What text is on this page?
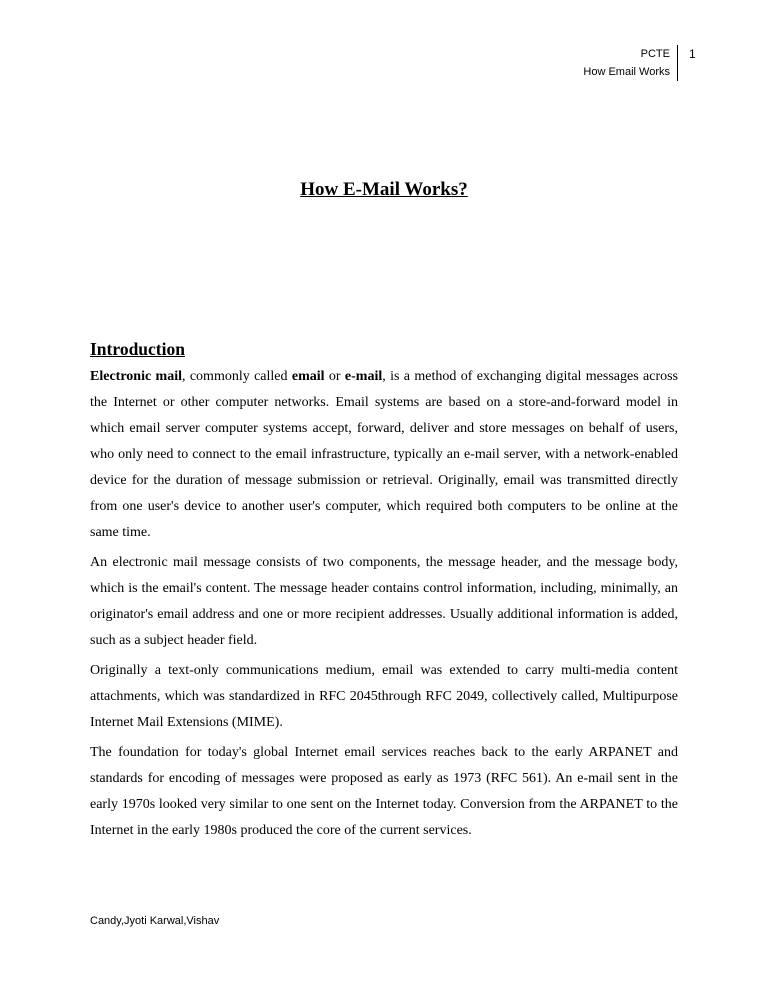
PCTE
How Email Works
1
How E-Mail Works?
Introduction

Electronic mail, commonly called email or e-mail, is a method of exchanging digital messages across the Internet or other computer networks. Email systems are based on a store-and-forward model in which email server computer systems accept, forward, deliver and store messages on behalf of users, who only need to connect to the email infrastructure, typically an e-mail server, with a network-enabled device for the duration of message submission or retrieval. Originally, email was transmitted directly from one user's device to another user's computer, which required both computers to be online at the same time.

An electronic mail message consists of two components, the message header, and the message body, which is the email's content. The message header contains control information, including, minimally, an originator's email address and one or more recipient addresses. Usually additional information is added, such as a subject header field.

Originally a text-only communications medium, email was extended to carry multi-media content attachments, which was standardized in RFC 2045through RFC 2049, collectively called, Multipurpose Internet Mail Extensions (MIME).

The foundation for today's global Internet email services reaches back to the early ARPANET and standards for encoding of messages were proposed as early as 1973 (RFC 561). An e-mail sent in the early 1970s looked very similar to one sent on the Internet today. Conversion from the ARPANET to the Internet in the early 1980s produced the core of the current services.

Candy,Jyoti Karwal,Vishav
